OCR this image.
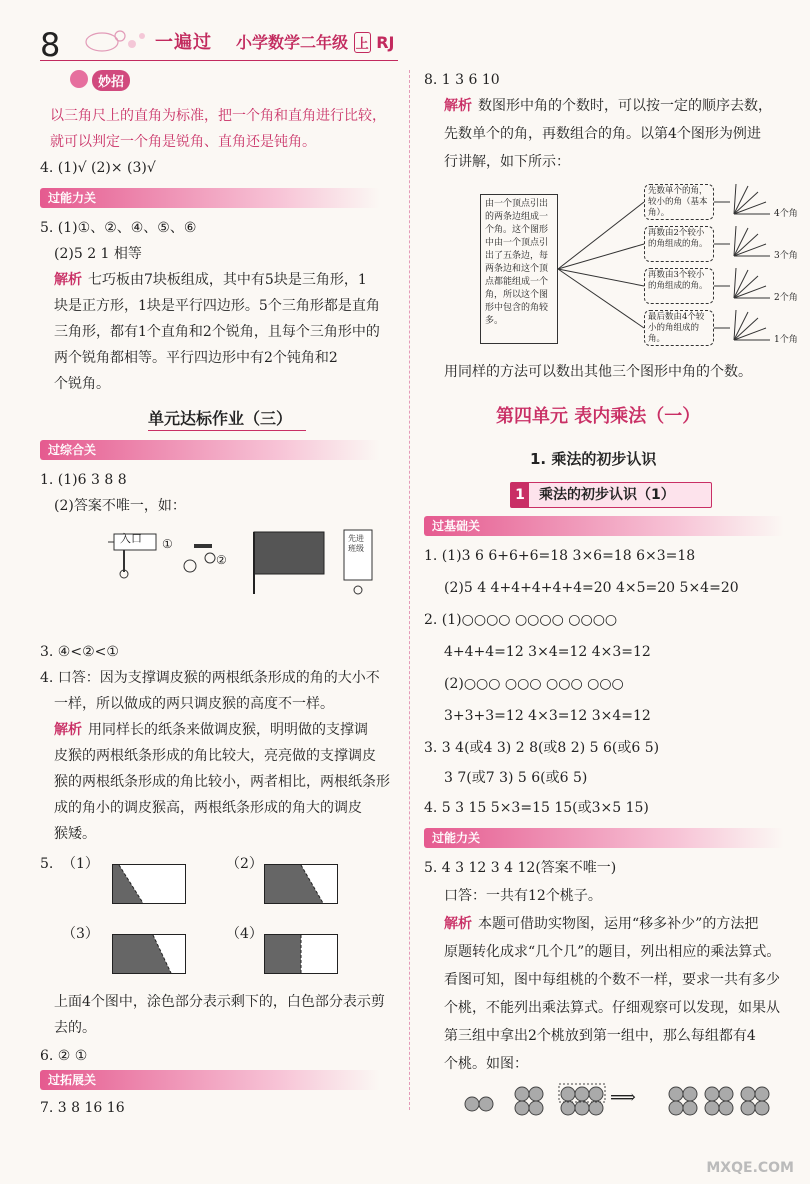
8	一遍过 小学数学二年级 上 RJ
妙招
以三角尺上的直角为标准，把一个角和直角进行比较，
就可以判定一个角是锐角、直角还是钝角。
4. (1)√ (2)× (3)√
过能力关
5. (1)①、②、④、⑤、⑥
(2)5 2 1 相等
解析 七巧板由7块板组成，其中有5块是三角形，1
块是正方形，1块是平行四边形。5个三角形都是直角
三角形，都有1个直角和2个锐角，且每个三角形中的
两个锐角都相等。平行四边形中有2个钝角和2
个锐角。
单元达标作业（三）
过综合关
1. (1)6 3 8 8
(2)答案不唯一，如：
入口	先进班级
①
②
3. ④<②<①
4. 口答：因为支撑调皮猴的两根纸条形成的角的大小不
一样，所以做成的两只调皮猴的高度不一样。
解析 用同样长的纸条来做调皮猴，明明做的支撑调
皮猴的两根纸条形成的角比较大，亮亮做的支撑调皮
猴的两根纸条形成的角比较小，两者相比，两根纸条形
成的角小的调皮猴高，两根纸条形成的角大的调皮
猴矮。
5. （1）	（2）
（3）	（4）
上面4个图中，涂色部分表示剩下的，白色部分表示剪
去的。
6. ② ①
过拓展关
7. 3 8 16 16
8. 1 3 6 10
解析 数图形中角的个数时，可以按一定的顺序去数，
先数单个的角，再数组合的角。以第4个图形为例进
行讲解，如下所示：
由一个顶点引出的两条边组成一个角。这个图形中由一个顶点引出了五条边，每两条边和这个顶点都能组成一个角，所以这个图形中包含的角较多。
先数单个的角，较小的角（基本角）。
再数由2个较小的角组成的角。
再数由3个较小的角组成的角。
最后数由4个较小的角组成的角。
4个角
3个角
2个角
1个角
用同样的方法可以数出其他三个图形中角的个数。
第四单元 表内乘法（一）
1. 乘法的初步认识
1 乘法的初步认识（1）
过基础关
1. (1)3 6 6+6+6=18 3×6=18 6×3=18
(2)5 4 4+4+4+4+4=20 4×5=20 5×4=20
2. (1)○○○○ ○○○○ ○○○○
4+4+4=12 3×4=12 4×3=12
(2)○○○ ○○○ ○○○ ○○○
3+3+3=12 4×3=12 3×4=12
3. 3 4(或4 3) 2 8(或8 2) 5 6(或6 5)
3 7(或7 3) 5 6(或6 5)
4. 5 3 15 5×3=15 15(或3×5 15)
过能力关
5. 4 3 12 3 4 12(答案不唯一)
口答：一共有12个桃子。
解析 本题可借助实物图，运用“移多补少”的方法把
原题转化成求“几个几”的题目，列出相应的乘法算式。
看图可知，图中每组桃的个数不一样，要求一共有多少
个桃，不能列出乘法算式。仔细观察可以发现，如果从
第三组中拿出2个桃放到第一组中，那么每组都有4
个桃。如图：
⟹
MXQE.COM
